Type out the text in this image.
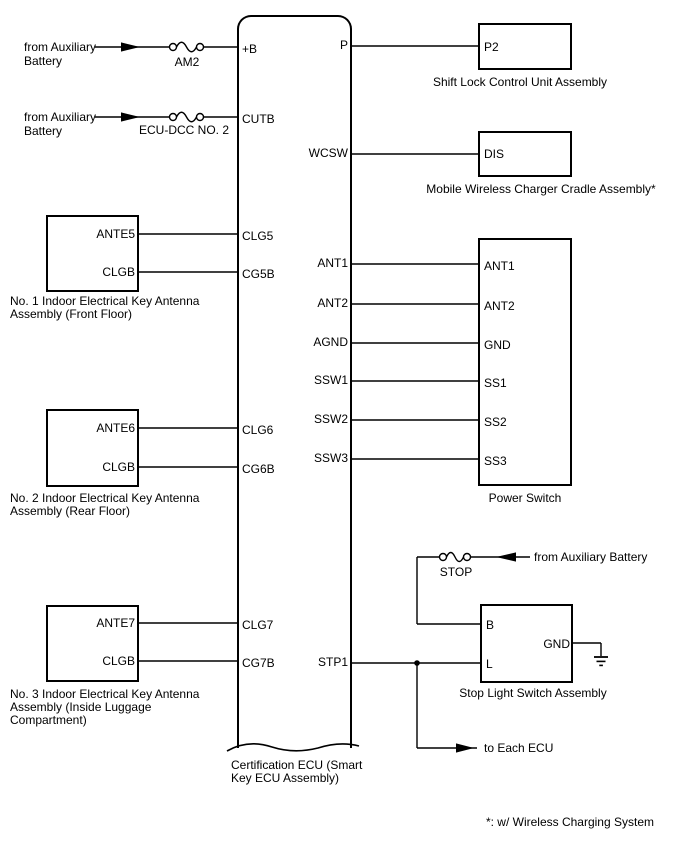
from Auxiliary
Battery	AM2
from Auxiliary
Battery	ECU-DCC NO. 2
+B
CUTB
CLG5
CG5B
CLG6
CG6B
CLG7
CG7B
P
WCSW
ANT1
ANT2
AGND
SSW1
SSW2
SSW3
STP1
ANTE5
CLGB
ANTE6
CLGB
ANTE7
CLGB
P2
DIS
ANT1
ANT2
GND
SS1
SS2
SS3
B
L
GND
STOP
from Auxiliary Battery
to Each ECU
Shift Lock Control Unit Assembly
Mobile Wireless Charger Cradle Assembly*
Power Switch
Stop Light Switch Assembly
No. 1 Indoor Electrical Key Antenna
Assembly (Front Floor)
No. 2 Indoor Electrical Key Antenna
Assembly (Rear Floor)
No. 3 Indoor Electrical Key Antenna
Assembly (Inside Luggage
Compartment)
Certification ECU (Smart
Key ECU Assembly)
*: w/ Wireless Charging System
